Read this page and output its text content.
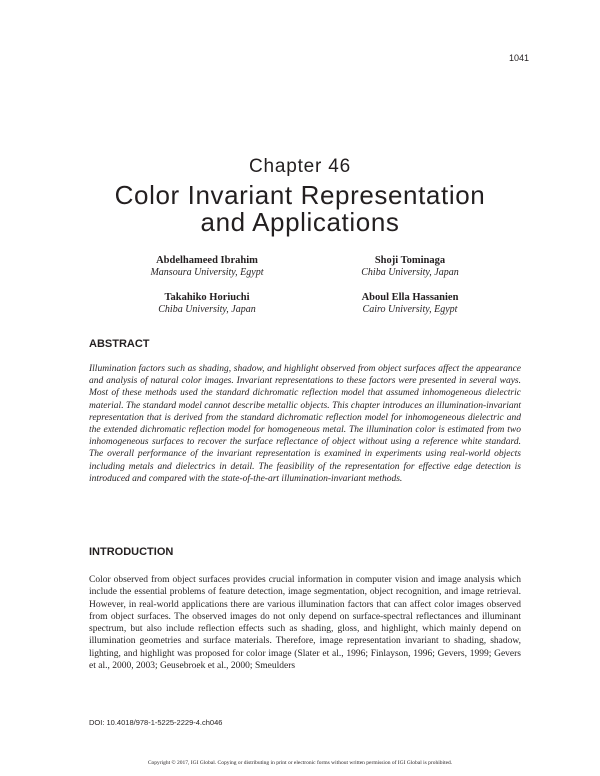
1041
Chapter 46
Color Invariant Representation
and Applications
Abdelhameed Ibrahim
Mansoura University, Egypt
Shoji Tominaga
Chiba University, Japan
Takahiko Horiuchi
Chiba University, Japan
Aboul Ella Hassanien
Cairo University, Egypt
ABSTRACT
Illumination factors such as shading, shadow, and highlight observed from object surfaces affect the appearance and analysis of natural color images. Invariant representations to these factors were presented in several ways. Most of these methods used the standard dichromatic reflection model that assumed inhomogeneous dielectric material. The standard model cannot describe metallic objects. This chapter introduces an illumination-invariant representation that is derived from the standard dichromatic reflection model for inhomogeneous dielectric and the extended dichromatic reflection model for homogeneous metal. The illumination color is estimated from two inhomogeneous surfaces to recover the surface reflectance of object without using a reference white standard. The overall performance of the invariant representation is examined in experiments using real-world objects including metals and dielectrics in detail. The feasibility of the representation for effective edge detection is introduced and compared with the state-of-the-art illumination-invariant methods.
INTRODUCTION
Color observed from object surfaces provides crucial information in computer vision and image analysis which include the essential problems of feature detection, image segmentation, object recognition, and image retrieval. However, in real-world applications there are various illumination factors that can affect color images observed from object surfaces. The observed images do not only depend on surface-spectral reflectances and illuminant spectrum, but also include reflection effects such as shading, gloss, and highlight, which mainly depend on illumination geometries and surface materials. Therefore, image representation invariant to shading, shadow, lighting, and highlight was proposed for color image (Slater et al., 1996; Finlayson, 1996; Gevers, 1999; Gevers et al., 2000, 2003; Geusebroek et al., 2000; Smeulders
DOI: 10.4018/978-1-5225-2229-4.ch046
Copyright © 2017, IGI Global. Copying or distributing in print or electronic forms without written permission of IGI Global is prohibited.
